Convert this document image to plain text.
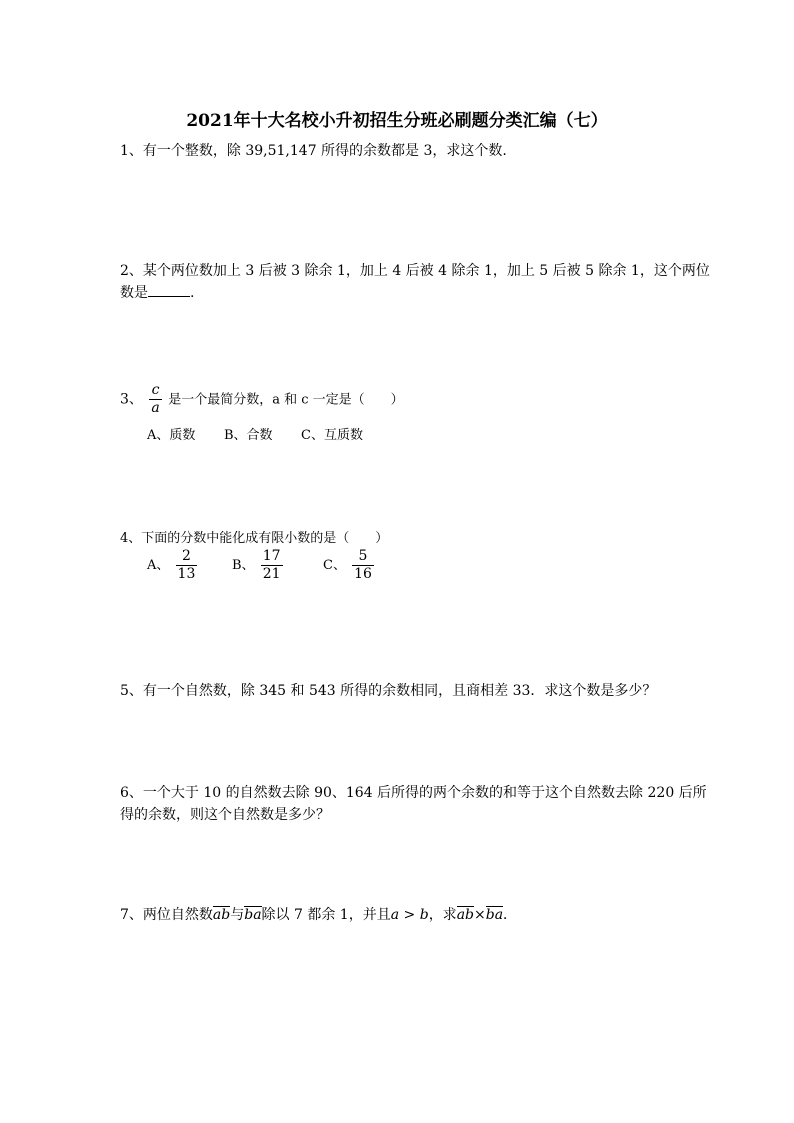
2021年十大名校小升初招生分班必刷题分类汇编（七）
1、有一个整数，除 39,51,147 所得的余数都是 3，求这个数.
2、某个两位数加上 3 后被 3 除余 1，加上 4 后被 4 除余 1，加上 5 后被 5 除余 1，这个两位
数是	.
3、 $\frac{c}{a}$ 是一个最简分数，a 和 c 一定是（　　）
A、质数 B、合数 C、互质数
4、下面的分数中能化成有限小数的是（　　）
A、 $\frac{2}{13}$	B、 $\frac{17}{21}$	C、 $\frac{5}{16}$
5、有一个自然数，除 345 和 543 所得的余数相同，且商相差 33．求这个数是多少？
6、一个大于 10 的自然数去除 90、164 后所得的两个余数的和等于这个自然数去除 220 后所
得的余数，则这个自然数是多少？
7、两位自然数ab与ba除以 7 都余 1，并且a > b，求ab×ba．
